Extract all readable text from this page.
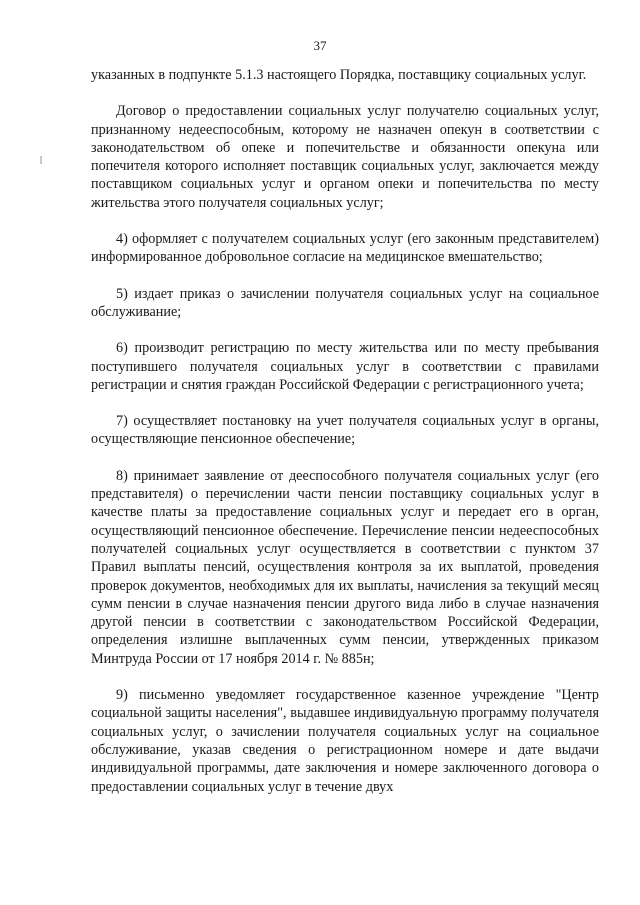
37

указанных в подпункте 5.1.3 настоящего Порядка, поставщику социальных услуг.

Договор о предоставлении социальных услуг получателю социальных услуг, признанному недееспособным, которому не назначен опекун в соответствии с законодательством об опеке и попечительстве и обязанности опекуна или попечителя которого исполняет поставщик социальных услуг, заключается между поставщиком социальных услуг и органом опеки и попечительства по месту жительства этого получателя социальных услуг;

4) оформляет с получателем социальных услуг (его законным представителем) информированное добровольное согласие на медицинское вмешательство;

5) издает приказ о зачислении получателя социальных услуг на социальное обслуживание;

6) производит регистрацию по месту жительства или по месту пребывания поступившего получателя социальных услуг в соответствии с правилами регистрации и снятия граждан Российской Федерации с регистрационного учета;

7) осуществляет постановку на учет получателя социальных услуг в органы, осуществляющие пенсионное обеспечение;

8) принимает заявление от дееспособного получателя социальных услуг (его представителя) о перечислении части пенсии поставщику социальных услуг в качестве платы за предоставление социальных услуг и передает его в орган, осуществляющий пенсионное обеспечение. Перечисление пенсии недееспособных получателей социальных услуг осуществляется в соответствии с пунктом 37 Правил выплаты пенсий, осуществления контроля за их выплатой, проведения проверок документов, необходимых для их выплаты, начисления за текущий месяц сумм пенсии в случае назначения пенсии другого вида либо в случае назначения другой пенсии в соответствии с законодательством Российской Федерации, определения излишне выплаченных сумм пенсии, утвержденных приказом Минтруда России от 17 ноября 2014 г. № 885н;

9) письменно уведомляет государственное казенное учреждение "Центр социальной защиты населения", выдавшее индивидуальную программу получателя социальных услуг, о зачислении получателя социальных услуг на социальное обслуживание, указав сведения о регистрационном номере и дате выдачи индивидуальной программы, дате заключения и номере заключенного договора о предоставлении социальных услуг в течение двух
